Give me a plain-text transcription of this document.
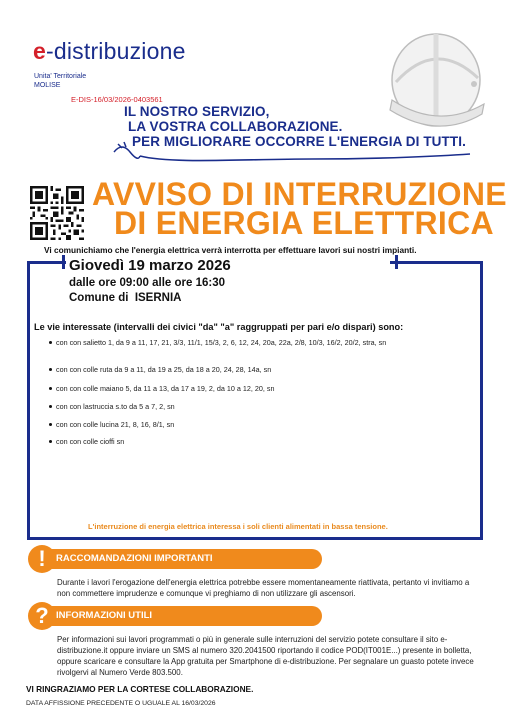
e-distribuzione
Unita' Territoriale
MOLISE
E-DIS-16/03/2026-0403561
IL NOSTRO SERVIZIO,
LA VOSTRA COLLABORAZIONE.
PER MIGLIORARE OCCORRE L'ENERGIA DI TUTTI.
AVVISO DI INTERRUZIONE
DI ENERGIA ELETTRICA
Vi comunichiamo che l'energia elettrica verrà interrotta per effettuare lavori sui nostri impianti.
Giovedì 19 marzo 2026
dalle ore 09:00 alle ore 16:30
Comune di ISERNIA
Le vie interessate (intervalli dei civici "da" "a" raggruppati per pari e/o dispari) sono:
con con salietto 1, da 9 a 11, 17, 21, 3/3, 11/1, 15/3, 2, 6, 12, 24, 20a, 22a, 2/8, 10/3, 16/2, 20/2, stra, sn
con con colle ruta da 9 a 11, da 19 a 25, da 18 a 20, 24, 28, 14a, sn
con con colle maiano 5, da 11 a 13, da 17 a 19, 2, da 10 a 12, 20, sn
con con lastruccia s.to da 5 a 7, 2, sn
con con colle lucina 21, 8, 16, 8/1, sn
con con colle cioffi sn
L'interruzione di energia elettrica interessa i soli clienti alimentati in bassa tensione.
RACCOMANDAZIONI IMPORTANTI
!
Durante i lavori l'erogazione dell'energia elettrica potrebbe essere momentaneamente riattivata, pertanto vi invitiamo a non commettere imprudenze e comunque vi preghiamo di non utilizzare gli ascensori.
INFORMAZIONI UTILI
?
Per informazioni sui lavori programmati o più in generale sulle interruzioni del servizio potete consultare il sito e-distribuzione.it oppure inviare un SMS al numero 320.2041500 riportando il codice POD(IT001E...) presente in bolletta, oppure scaricare e consultare la App gratuita per Smartphone di e-distribuzione. Per segnalare un guasto potete invece rivolgervi al Numero Verde 803.500.
VI RINGRAZIAMO PER LA CORTESE COLLABORAZIONE.
DATA AFFISSIONE PRECEDENTE O UGUALE AL 16/03/2026
